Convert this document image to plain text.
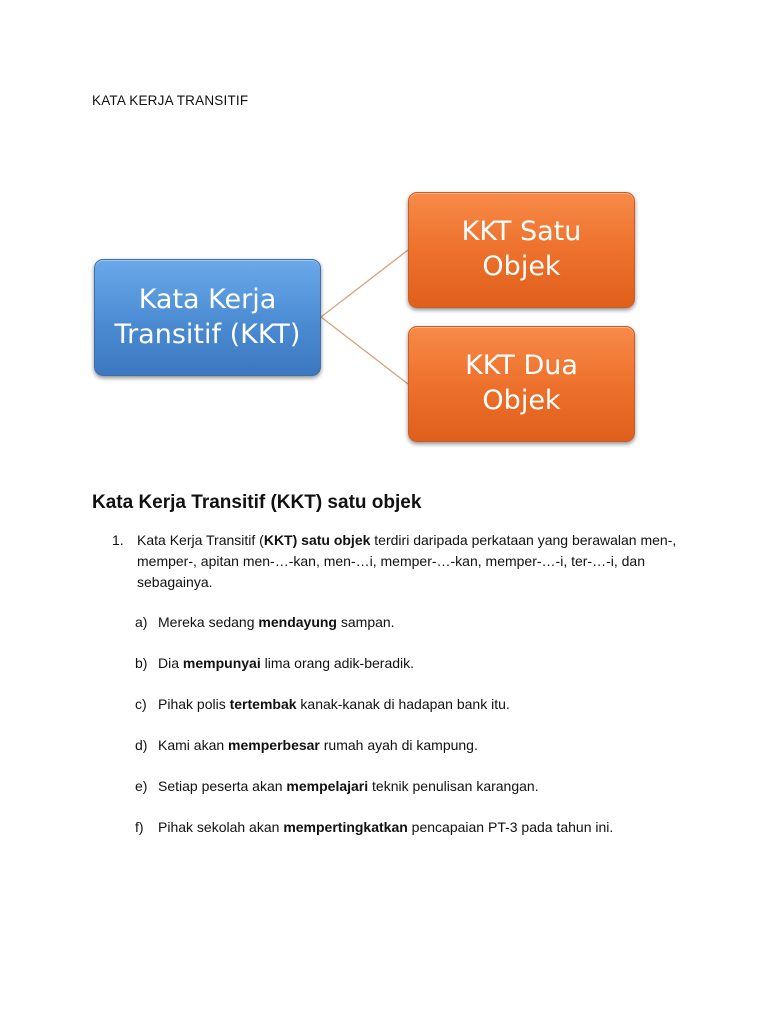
KATA KERJA TRANSITIF
Kata Kerja
Transitif (KKT)
KKT Satu
Objek
KKT Dua
Objek
Kata Kerja Transitif (KKT) satu objek
1. Kata Kerja Transitif (KKT) satu objek terdiri daripada perkataan yang berawalan men-, memper-, apitan men-…-kan, men-…i, memper-…-kan, memper-…-i, ter-…-i, dan sebagainya.
a) Mereka sedang mendayung sampan.
b) Dia mempunyai lima orang adik-beradik.
c) Pihak polis tertembak kanak-kanak di hadapan bank itu.
d) Kami akan memperbesar rumah ayah di kampung.
e) Setiap peserta akan mempelajari teknik penulisan karangan.
f) Pihak sekolah akan mempertingkatkan pencapaian PT-3 pada tahun ini.
